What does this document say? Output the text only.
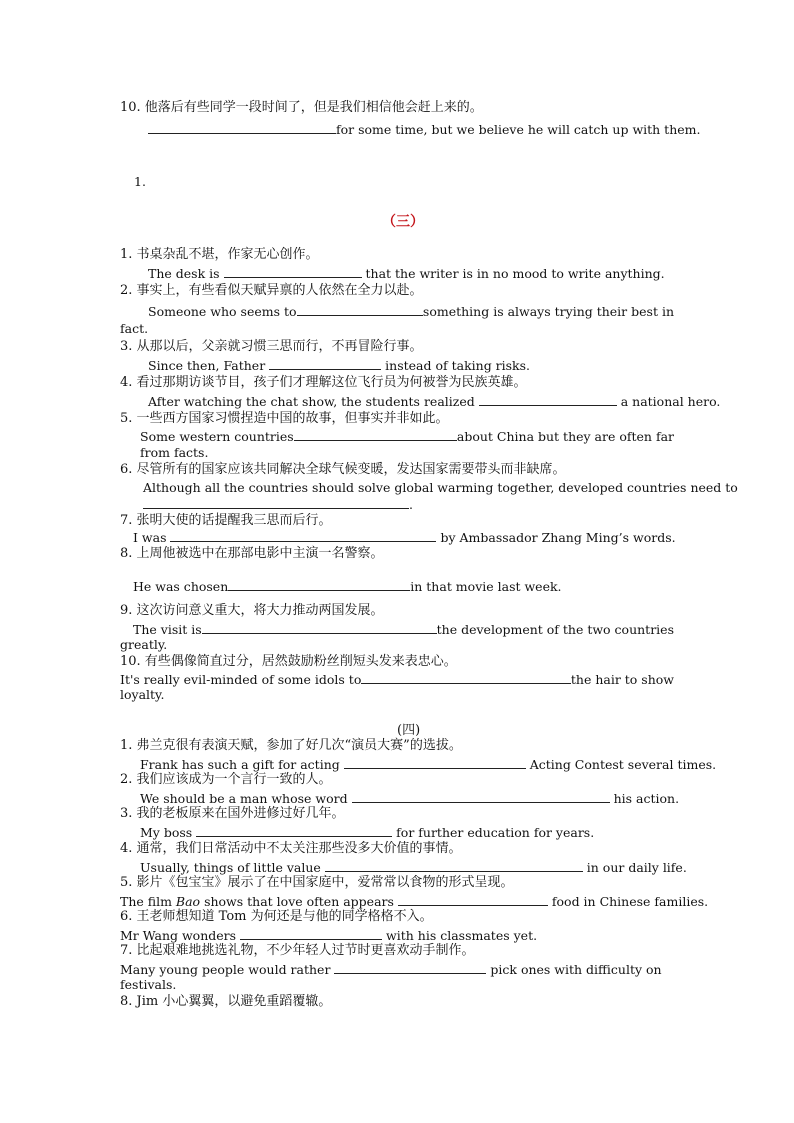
10. 他落后有些同学一段时间了，但是我们相信他会赶上来的。
for some time, but we believe he will catch up with them.
1.
（三）
1. 书桌杂乱不堪，作家无心创作。
The desk is	that the writer is in no mood to write anything.
2. 事实上，有些看似天赋异禀的人依然在全力以赴。
Someone who seems to	something is always trying their best in
fact.
3. 从那以后，父亲就习惯三思而行，不再冒险行事。
Since then, Father	instead of taking risks.
4. 看过那期访谈节目，孩子们才理解这位飞行员为何被誉为民族英雄。
After watching the chat show, the students realized	a national hero.
5. 一些西方国家习惯捏造中国的故事，但事实并非如此。
Some western countries	about China but they are often far
from facts.
6. 尽管所有的国家应该共同解决全球气候变暖，发达国家需要带头而非缺席。
Although all the countries should solve global warming together, developed countries need to
.
7. 张明大使的话提醒我三思而后行。
I was	by Ambassador Zhang Ming’s words.
8. 上周他被选中在那部电影中主演一名警察。
He was chosen	in that movie last week.
9. 这次访问意义重大，将大力推动两国发展。
The visit is	the development of the two countries
greatly.
10. 有些偶像简直过分，居然鼓励粉丝削短头发来表忠心。
It's really evil-minded of some idols to	the hair to show
loyalty.
(四)
1. 弗兰克很有表演天赋，参加了好几次“演员大赛”的选拔。
Frank has such a gift for acting	Acting Contest several times.
2. 我们应该成为一个言行一致的人。
We should be a man whose word	his action.
3. 我的老板原来在国外进修过好几年。
My boss	for further education for years.
4. 通常，我们日常活动中不太关注那些没多大价值的事情。
Usually, things of little value	in our daily life.
5. 影片《包宝宝》展示了在中国家庭中，爱常常以食物的形式呈现。
The film Bao shows that love often appears	food in Chinese families.
6. 王老师想知道 Tom 为何还是与他的同学格格不入。
Mr Wang wonders	with his classmates yet.
7. 比起艰难地挑选礼物，不少年轻人过节时更喜欢动手制作。
Many young people would rather	pick ones with difficulty on
festivals.
8. Jim 小心翼翼，以避免重蹈覆辙。
